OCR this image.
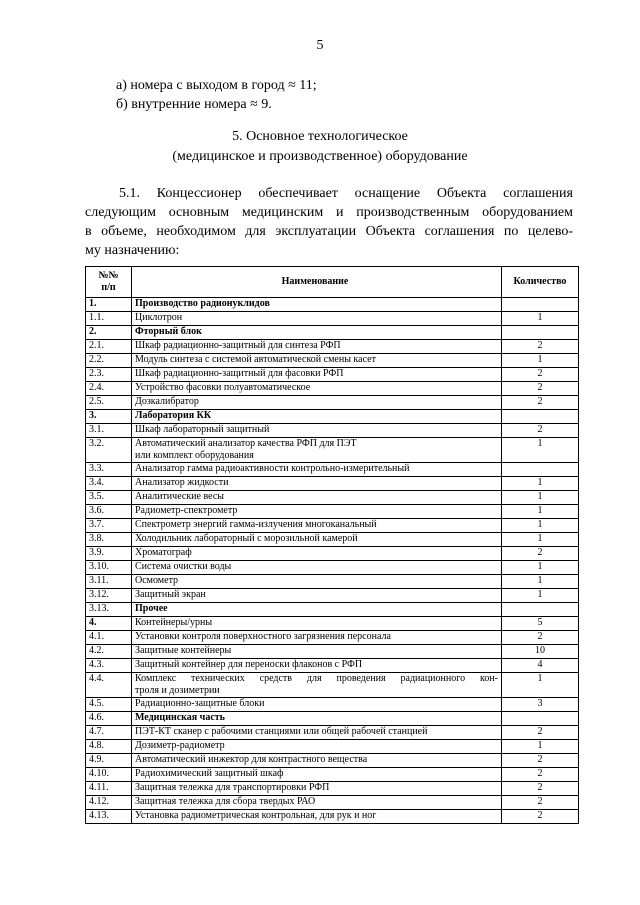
5
а) номера с выходом в город ≈ 11;
б) внутренние номера ≈ 9.
5. Основное технологическое
(медицинское и производственное) оборудование
5.1. Концессионер обеспечивает оснащение Объекта соглашения
следующим основным медицинским и производственным оборудованием
в объеме, необходимом для эксплуатации Объекта соглашения по целево-
му назначению:
№№
п/п	Наименование	Количество
1.	Производство радионуклидов	

1.1.	Циклотрон	1
2.	Фторный блок	

2.1.	Шкаф радиационно-защитный для синтеза РФП	2
2.2.	Модуль синтеза с системой автоматической смены касет	1
2.3.	Шкаф радиационно-защитный для фасовки РФП	2
2.4.	Устройство фасовки полуавтоматическое	2
2.5.	Дозкалибратор	2
3.	Лаборатория КК	

3.1.	Шкаф лабораторный защитный	2
3.2.	Автоматический анализатор качества РФП для ПЭТ
или комплект оборудования	1
3.3.	Анализатор гамма радиоактивности контрольно-измерительный	

3.4.	Анализатор жидкости	1
3.5.	Аналитические весы	1
3.6.	Радиометр-спектрометр	1
3.7.	Спектрометр энергий гамма-излучения многоканальный	1
3.8.	Холодильник лабораторный с морозильной камерой	1
3.9.	Хроматограф	2
3.10.	Система очистки воды	1
3.11.	Осмометр	1
3.12.	Защитный экран	1
3.13.	Прочее	

4.	Контейнеры/урны	5
4.1.	Установки контроля поверхностного загрязнения персонала	2
4.2.	Защитные контейнеры	10
4.3.	Защитный контейнер для переноски флаконов с РФП	4
4.4.	Комплекс технических средств для проведения радиационного кон-
троля и дозиметрии	1
4.5.	Радиационно-защитные блоки	3
4.6.	Медицинская часть	

4.7.	ПЭТ-КТ сканер с рабочими станциями или общей рабочей станцией	2
4.8.	Дозиметр-радиометр	1
4.9.	Автоматический инжектор для контрастного вещества	2
4.10.	Радиохимический защитный шкаф	2
4.11.	Защитная тележка для транспортировки РФП	2
4.12.	Защитная тележка для сбора твердых РАО	2
4.13.	Установка радиометрическая контрольная, для рук и ног	2
